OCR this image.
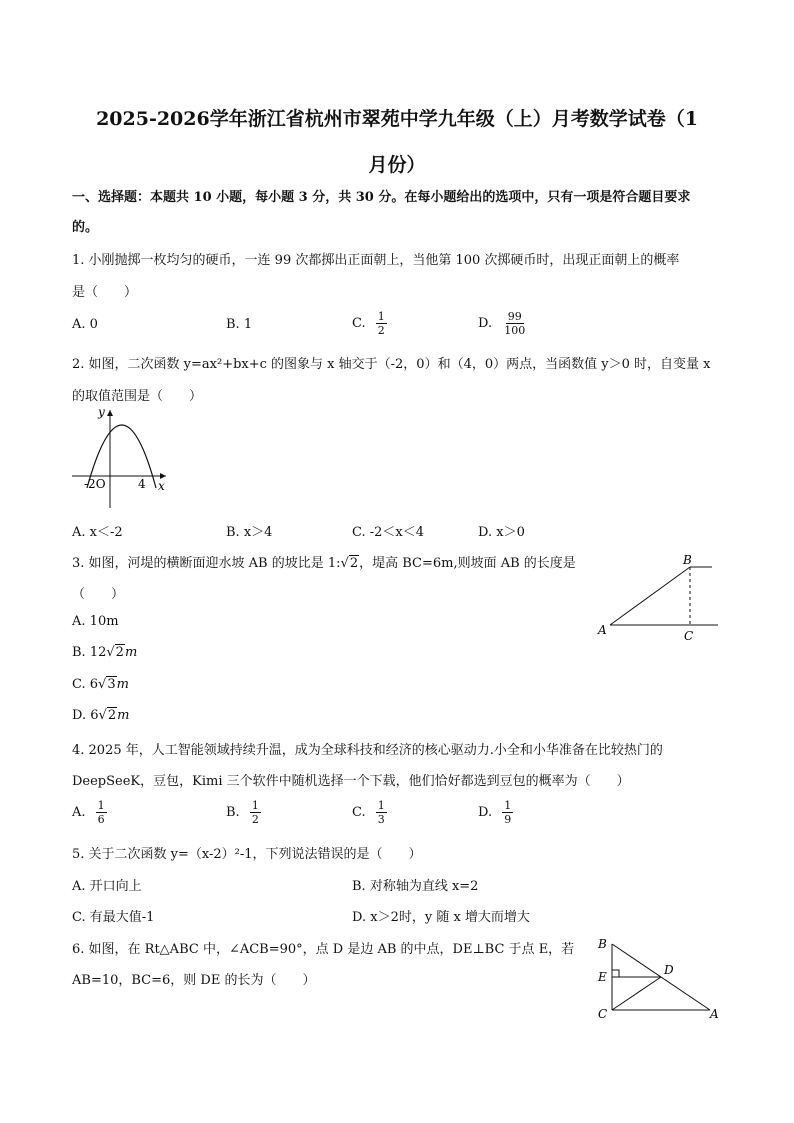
2025-2026学年浙江省杭州市翠苑中学九年级（上）月考数学试卷（1
月份）
一、选择题：本题共 10 小题，每小题 3 分，共 30 分。在每小题给出的选项中，只有一项是符合题目要求
的。
1. 小刚抛掷一枚均匀的硬币，一连 99 次都掷出正面朝上，当他第 100 次掷硬币时，出现正面朝上的概率
是（　　）
A. 0	B. 1	C. $\frac{1}{2}$	D. $\frac{99}{100}$
2. 如图，二次函数 y=ax²+bx+c 的图象与 x 轴交于（-2，0）和（4，0）两点，当函数值 y＞0 时，自变量 x
的取值范围是（　　）
y
x
-2O	4
A. x＜-2	B. x＞4	C. -2＜x＜4	D. x＞0
3. 如图，河堤的横断面迎水坡 AB 的坡比是 1:√2，堤高 BC=6m,则坡面 AB 的长度是
（　　）
A. 10m
B. 12√2m
C. 6√3m
D. 6√2m
B
A	C
4. 2025 年，人工智能领域持续升温，成为全球科技和经济的核心驱动力.小全和小华准备在比较热门的
DeepSeeK，豆包，Kimi 三个软件中随机选择一个下载，他们恰好都选到豆包的概率为（　　）
A. $\frac{1}{6}$	B. $\frac{1}{2}$	C. $\frac{1}{3}$	D. $\frac{1}{9}$
5. 关于二次函数 y=（x-2）²-1，下列说法错误的是（　　）
A. 开口向上	B. 对称轴为直线 x=2
C. 有最大值-1	D. x＞2时，y 随 x 增大而增大
6. 如图，在 Rt△ABC 中，∠ACB=90°，点 D 是边 AB 的中点，DE⊥BC 于点 E，若
AB=10，BC=6，则 DE 的长为（　　）
B
E	D
C	A
